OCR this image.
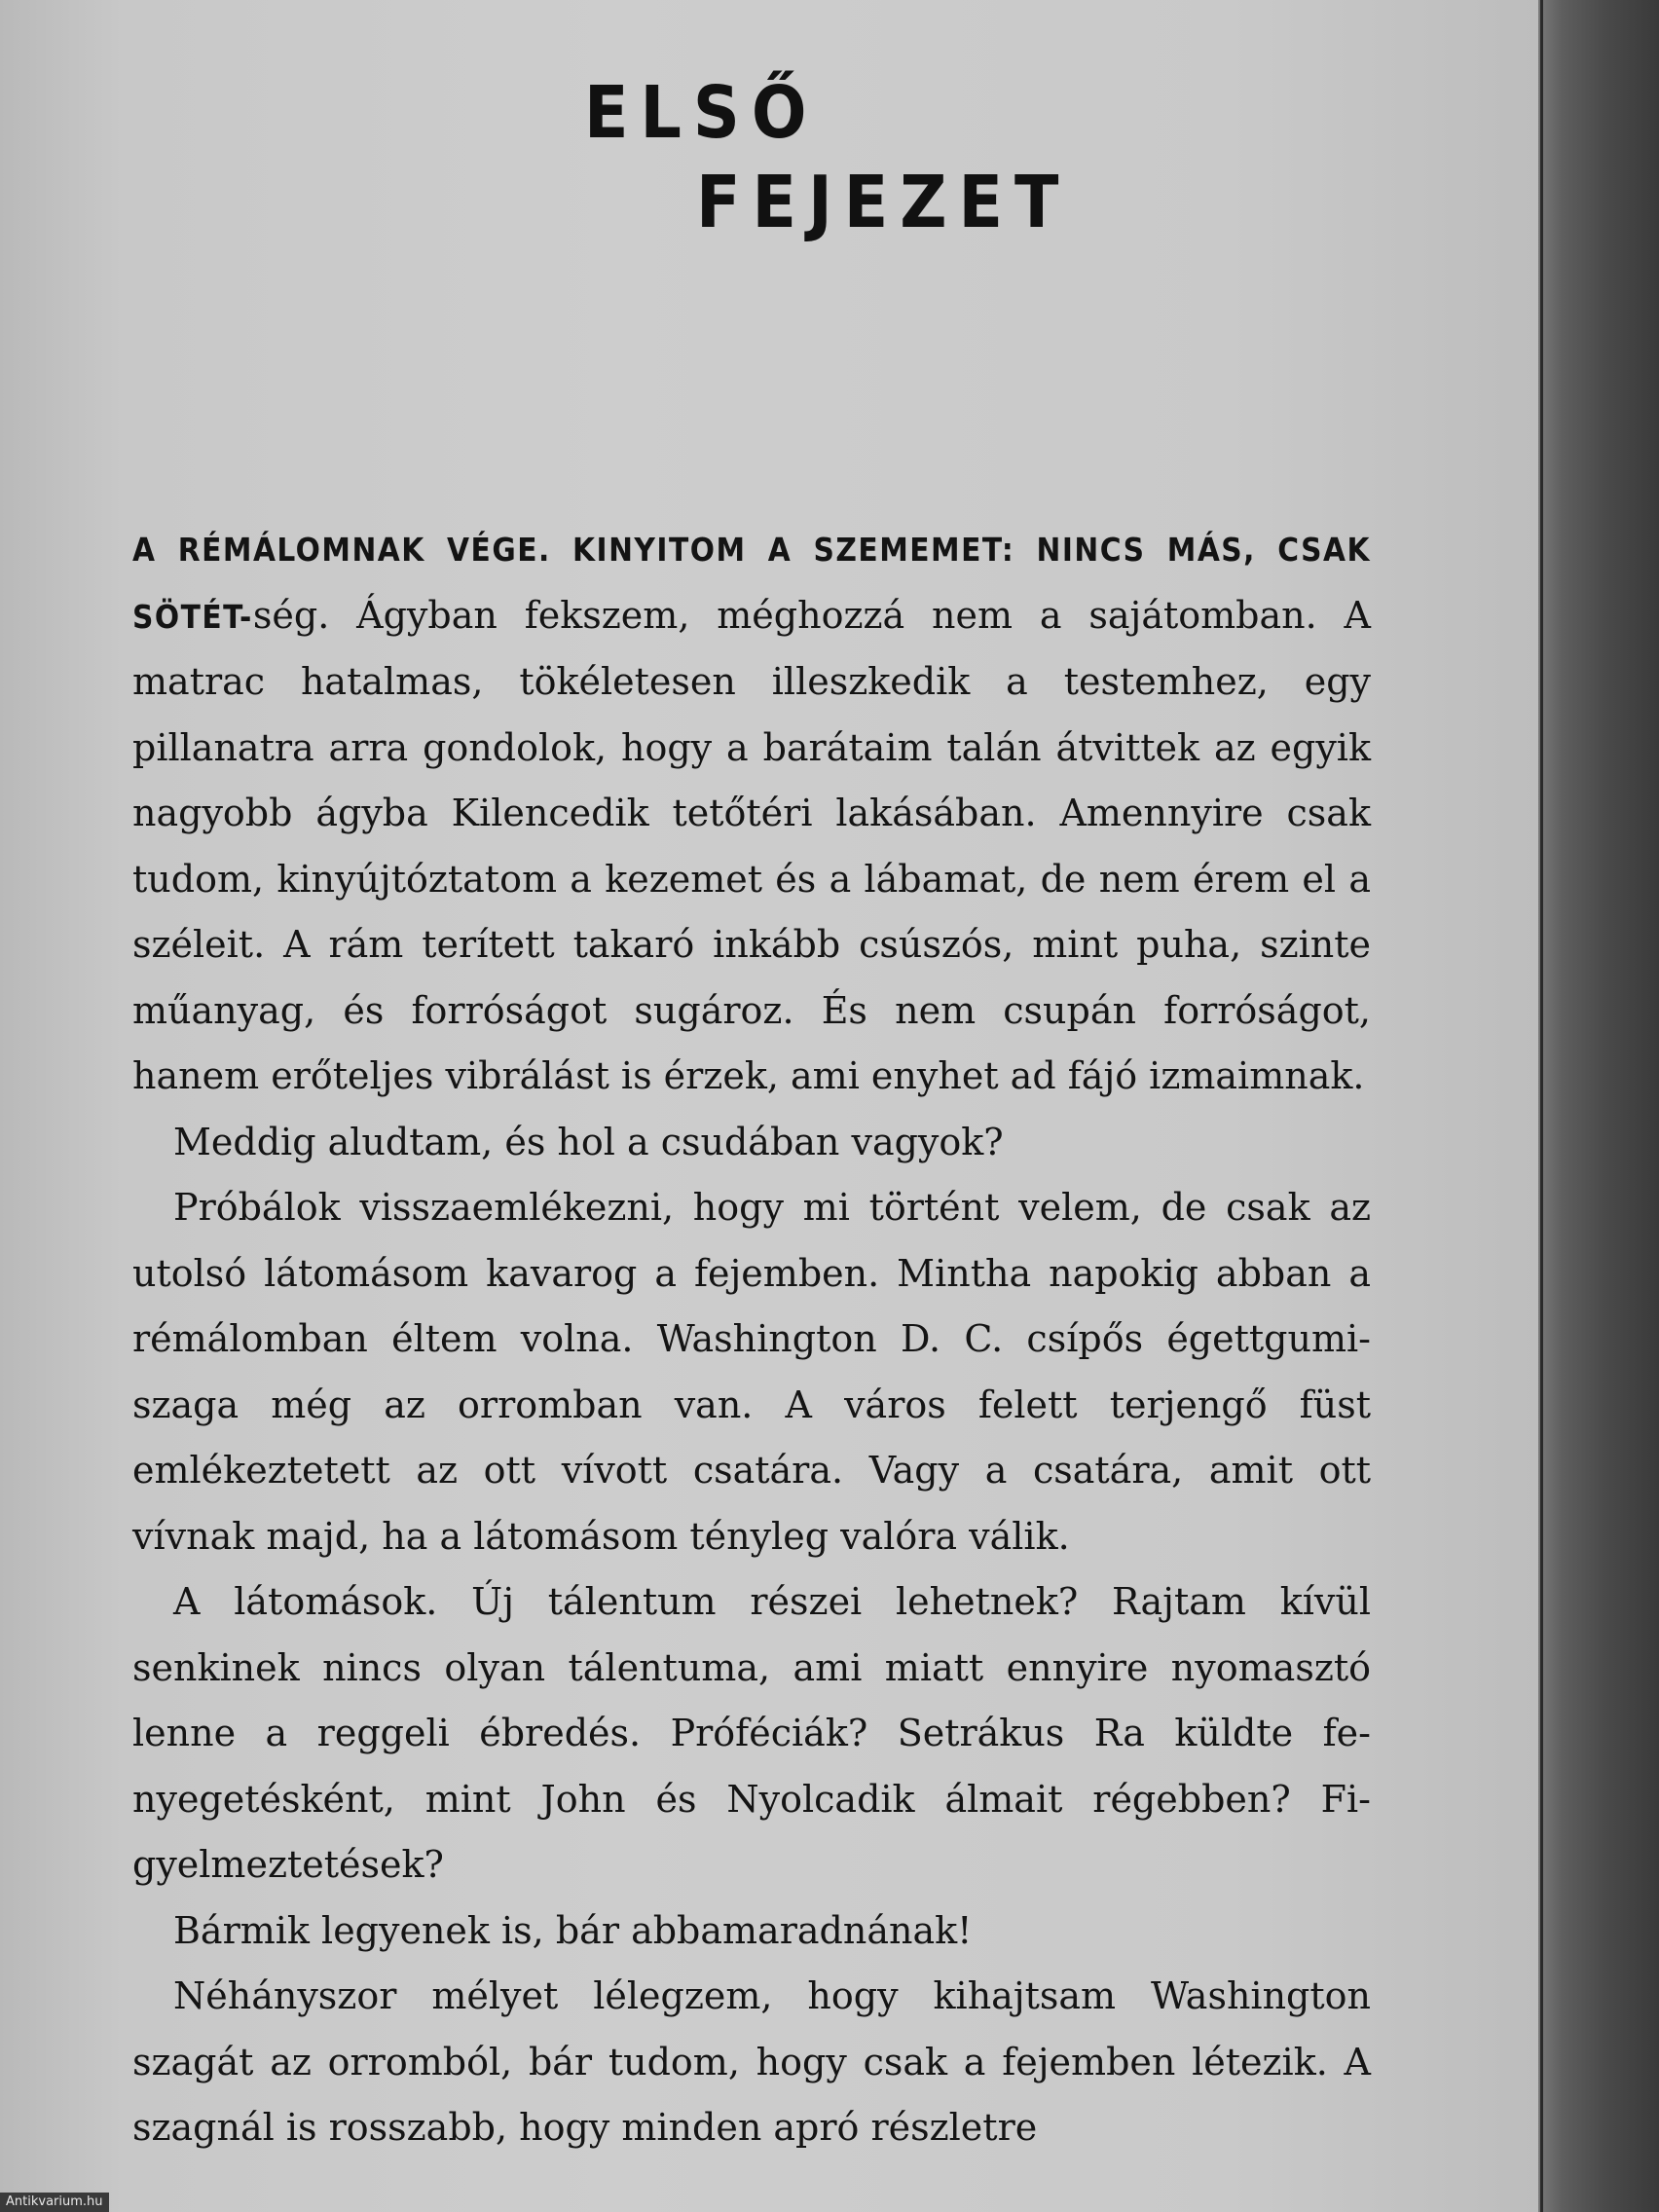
ELSŐ
FEJEZET

A RÉMÁLOMNAK VÉGE. KINYITOM A SZEMEMET: NINCS MÁS, CSAK SÖTÉT-ség. Ágyban fekszem, méghozzá nem a sajátomban. A matrac hatalmas, tökéletesen illeszkedik a testemhez, egy pillanatra arra gondolok, hogy a barátaim talán átvittek az egyik nagyobb ágyba Kilencedik tetőtéri lakásában. Amennyire csak tudom, kinyújtóztatom a kezemet és a lábamat, de nem érem el a széleit. A rám terített takaró inkább csúszós, mint puha, szinte műanyag, és forróságot sugároz. És nem csupán forróságot, hanem erőteljes vibrálást is érzek, ami enyhet ad fájó izmaimnak.

Meddig aludtam, és hol a csudában vagyok?

Próbálok visszaemlékezni, hogy mi történt velem, de csak az utolsó látomásom kavarog a fejemben. Mintha napokig abban a rémálomban éltem volna. Washington D. C. csípős égettgumi-szaga még az orromban van. A város felett terjengő füst emlékeztetett az ott vívott csatára. Vagy a csatára, amit ott vívnak majd, ha a látomásom tényleg valóra válik.

A látomások. Új tálentum részei lehetnek? Rajtam kívül senkinek nincs olyan tálentuma, ami miatt ennyire nyomasztó lenne a reggeli ébredés. Próféciák? Setrákus Ra küldte fenyegetésként, mint John és Nyolcadik álmait régebben? Figyelmeztetések?

Bármik legyenek is, bár abbamaradnának!

Néhányszor mélyet lélegzem, hogy kihajtsam Washington szagát az orromból, bár tudom, hogy csak a fejemben létezik. A szagnál is rosszabb, hogy minden apró részletre

Antikvarium.hu
